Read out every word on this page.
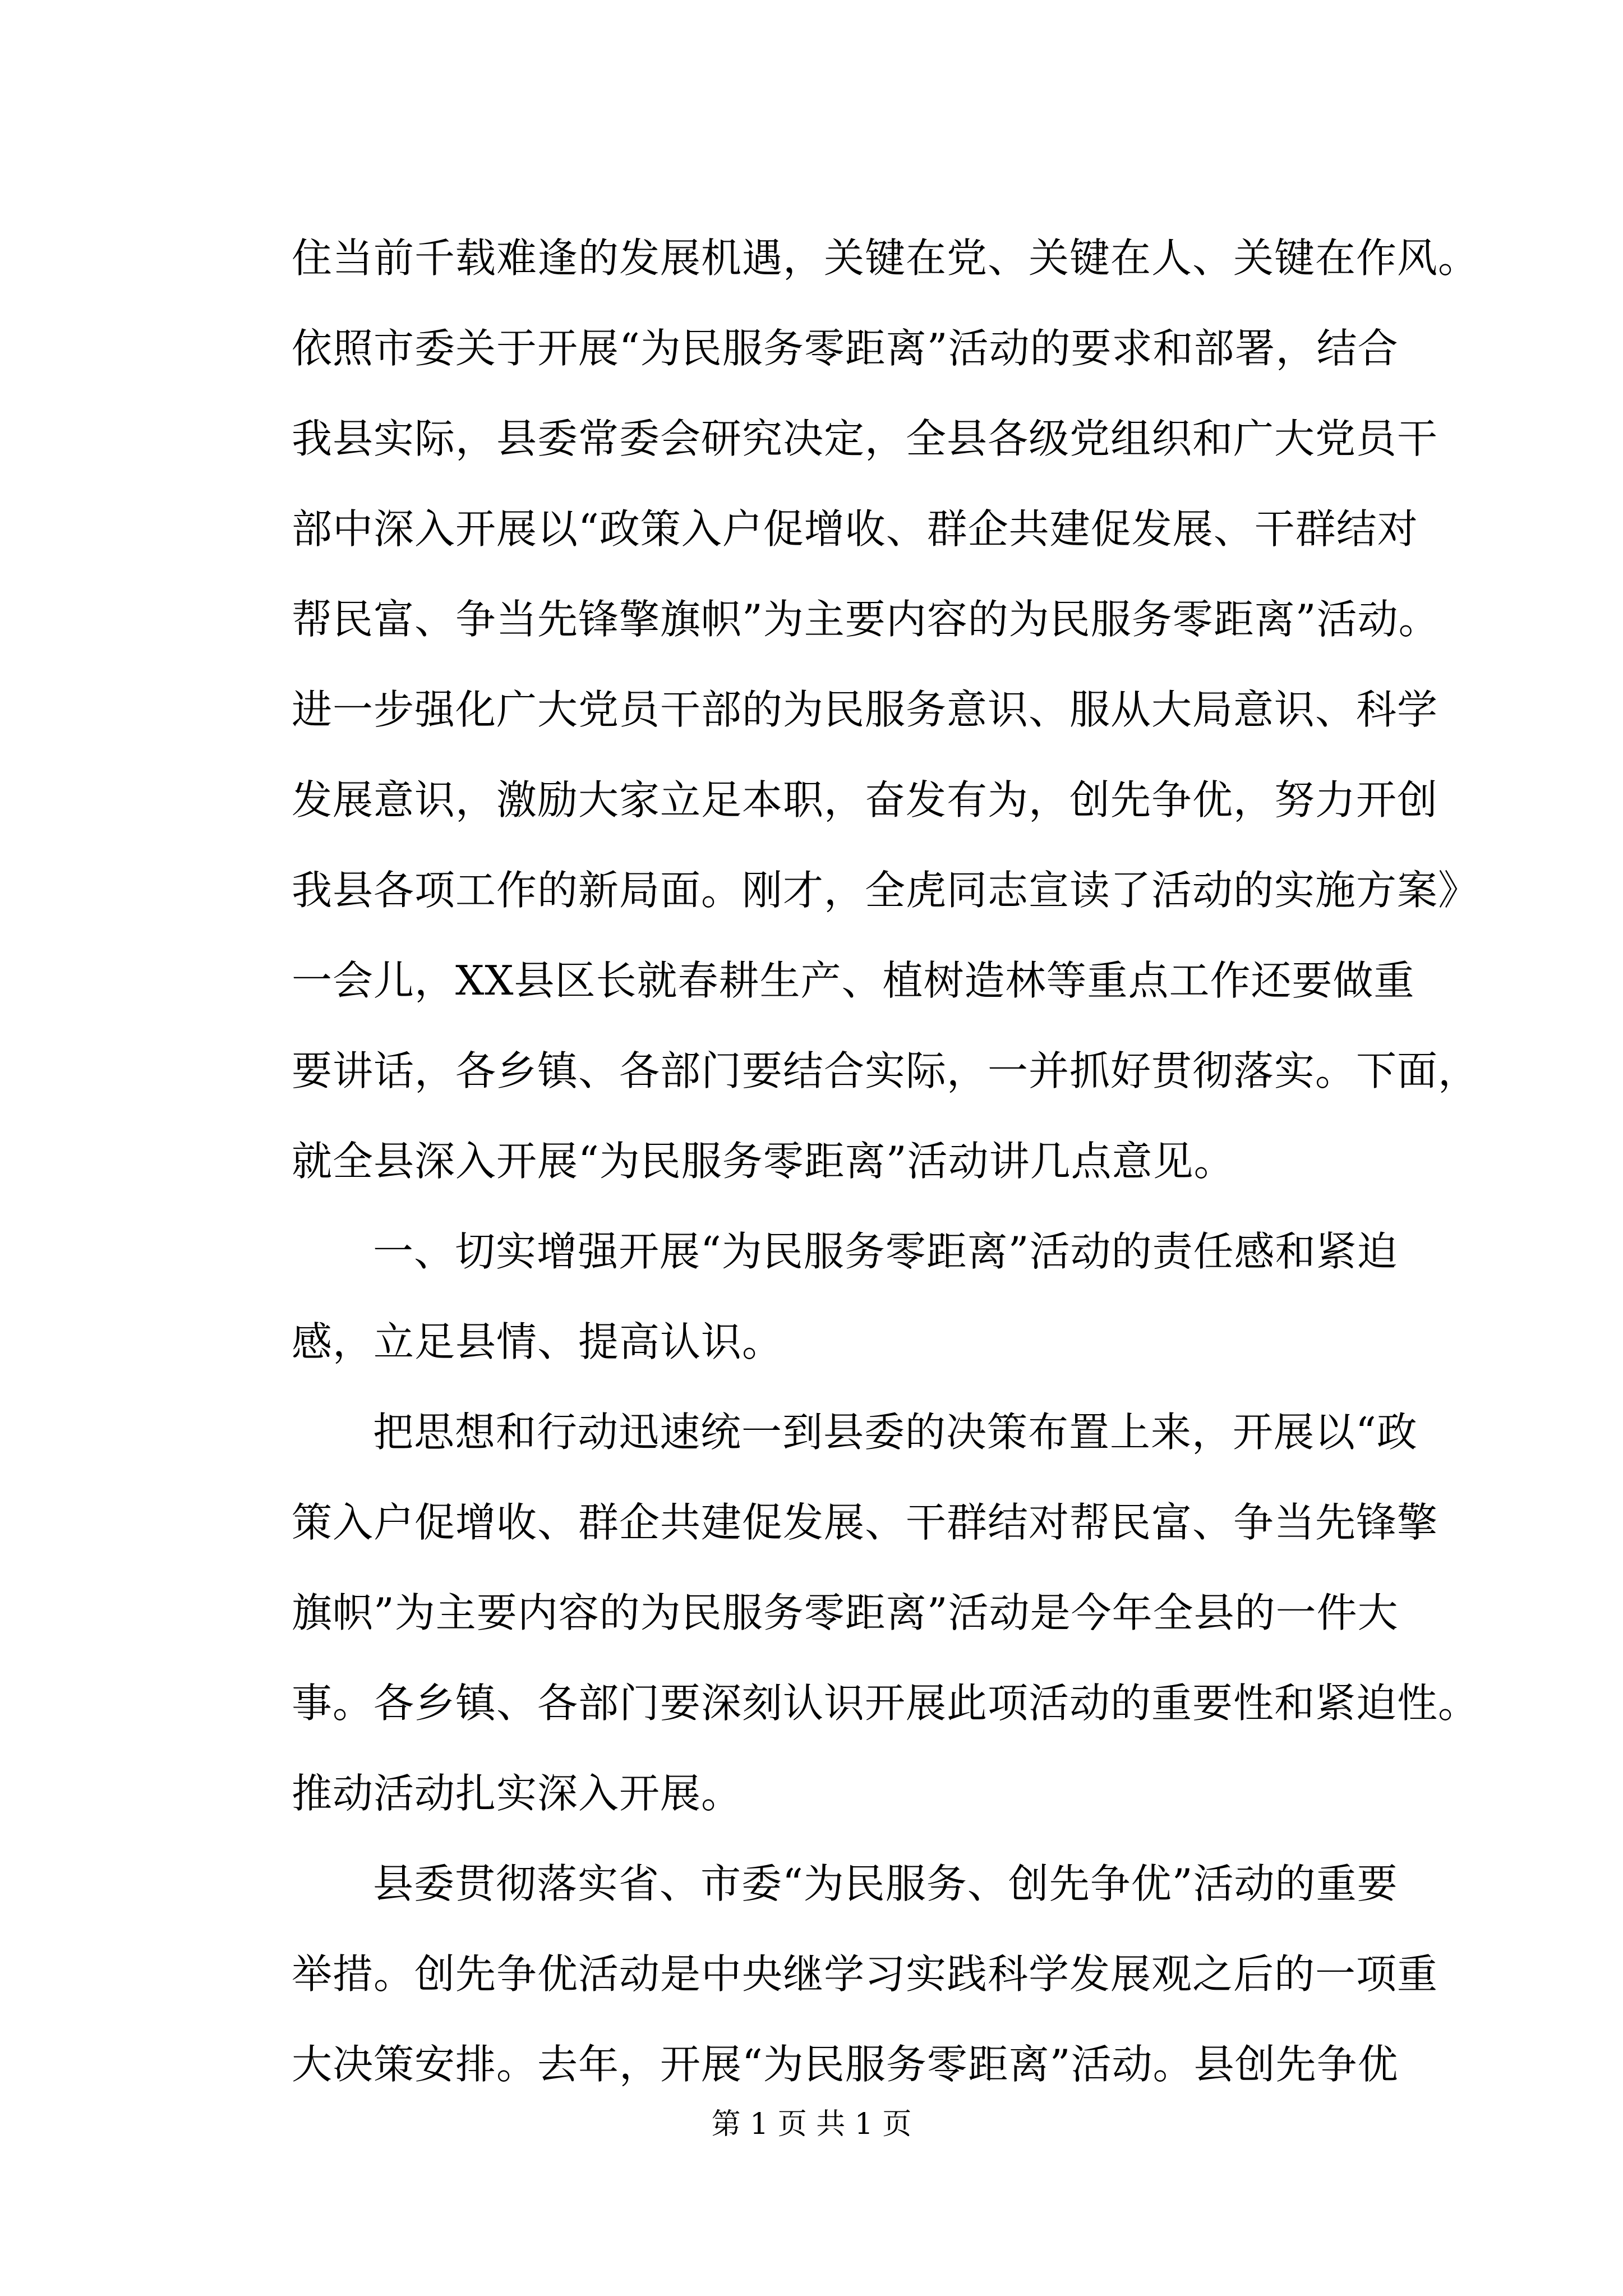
住当前千载难逢的发展机遇，关键在党、关键在人、关键在作风。
依照市委关于开展“为民服务零距离”活动的要求和部署，结合
我县实际，县委常委会研究决定，全县各级党组织和广大党员干
部中深入开展以“政策入户促增收、群企共建促发展、干群结对
帮民富、争当先锋擎旗帜”为主要内容的为民服务零距离”活动。
进一步强化广大党员干部的为民服务意识、服从大局意识、科学
发展意识，激励大家立足本职，奋发有为，创先争优，努力开创
我县各项工作的新局面。刚才，全虎同志宣读了活动的实施方案》
一会儿，XX县区长就春耕生产、植树造林等重点工作还要做重
要讲话，各乡镇、各部门要结合实际，一并抓好贯彻落实。下面，
就全县深入开展“为民服务零距离”活动讲几点意见。
一、切实增强开展“为民服务零距离”活动的责任感和紧迫
感，立足县情、提高认识。
把思想和行动迅速统一到县委的决策布置上来，开展以“政
策入户促增收、群企共建促发展、干群结对帮民富、争当先锋擎
旗帜”为主要内容的为民服务零距离”活动是今年全县的一件大
事。各乡镇、各部门要深刻认识开展此项活动的重要性和紧迫性。
推动活动扎实深入开展。
县委贯彻落实省、市委“为民服务、创先争优”活动的重要
举措。创先争优活动是中央继学习实践科学发展观之后的一项重
大决策安排。去年，开展“为民服务零距离”活动。县创先争优
第 1 页 共 1 页
